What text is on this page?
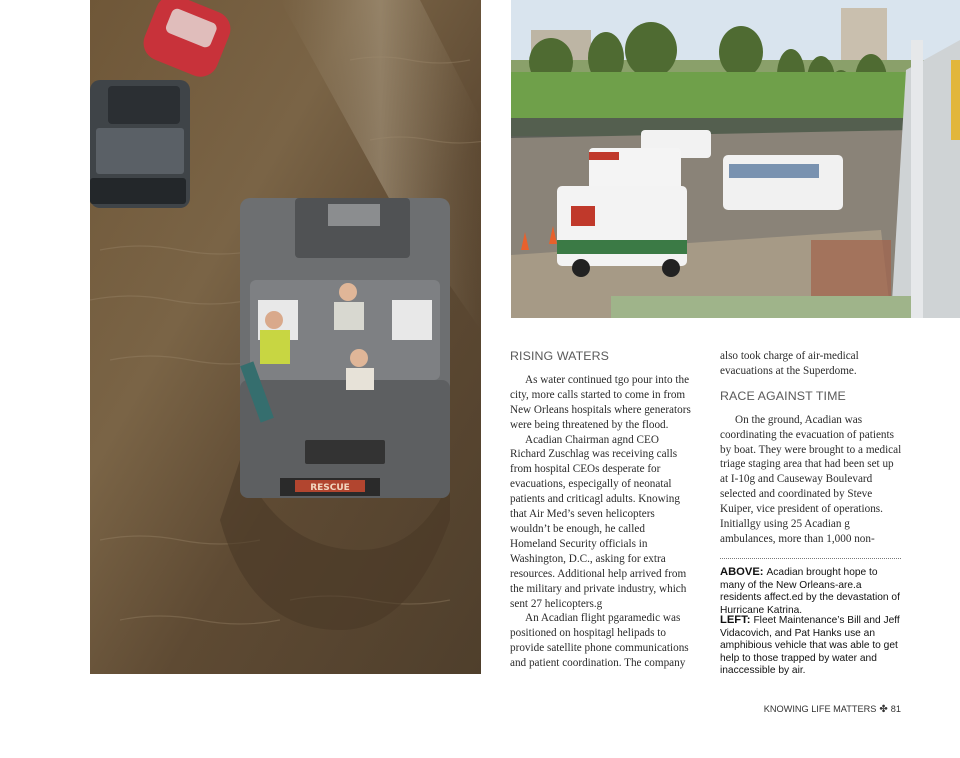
RESCUE
RISING WATERS

As water continued tgo pour into the city, more calls started to come in from New Orleans hospitals where generators were being threatened by the flood.

Acadian Chairman agnd CEO Richard Zuschlag was receiving calls from hospital CEOs desperate for evacuations, especigally of neonatal patients and criticagl adults. Knowing that Air Med’s seven helicopters wouldn’t be enough, he called Homeland Security officials in Washington, D.C., asking for extra resources. Additional help arrived from the military and private industry, which sent 27 helicopters.g

An Acadian flight pgaramedic was positioned on hospitagl helipads to provide satellite phone communications and patient coordination. The company

also took charge of air-medical evacuations at the Superdome.

RACE AGAINST TIME

On the ground, Acadian was coordinating the evacuation of patients by boat. They were brought to a medical triage staging area that had been set up at I-10g and Causeway Boulevard selected and coordinated by Steve Kuiper, vice president of operations. Initiallgy using 25 Acadian g ambulances, more than 1,000 non-

ABOVE: Acadian brought hope to many of the New Orleans-are.a residents affect.ed by the devastation of Hurricane Katrina.
LEFT: Fleet Maintenance’s Bill and Jeff Vidacovich, and Pat Hanks use an amphibious vehicle that was able to get help to those trapped by water and inaccessible by air.
KNOWING LIFE MATTERS ✤ 81
